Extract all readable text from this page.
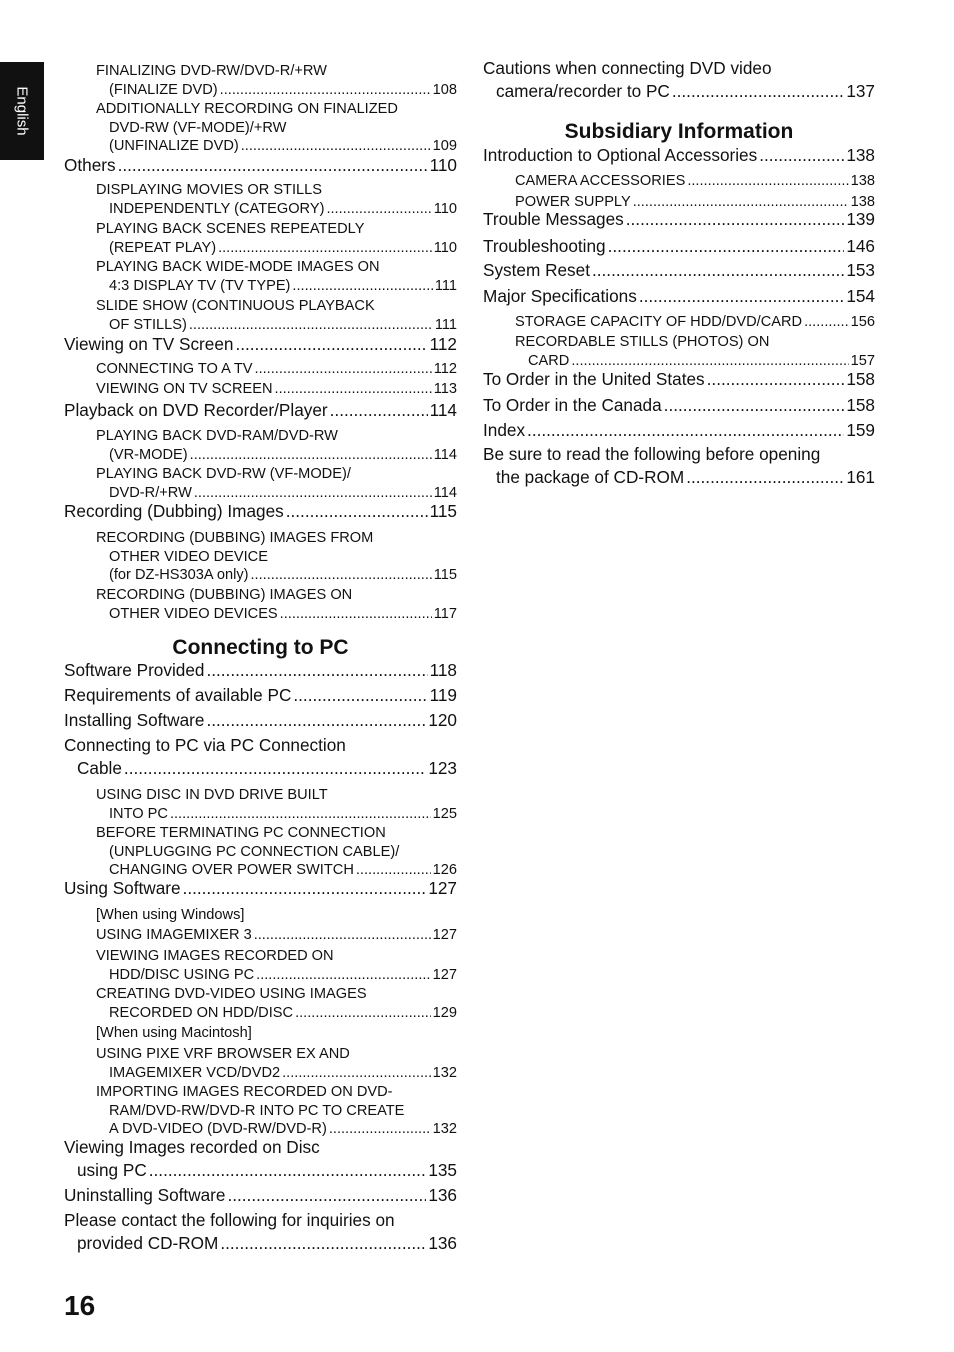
English
FINALIZING DVD-RW/DVD-R/+RW
(FINALIZE DVD) .....	108
ADDITIONALLY RECORDING ON FINALIZED
DVD-RW (VF-MODE)/+RW
(UNFINALIZE DVD) .....	109
Others .....	110
DISPLAYING MOVIES OR STILLS
INDEPENDENTLY (CATEGORY) .....	110
PLAYING BACK SCENES REPEATEDLY
(REPEAT PLAY) .....	110
PLAYING BACK WIDE-MODE IMAGES ON
4:3 DISPLAY TV (TV TYPE) .....	111
SLIDE SHOW (CONTINUOUS PLAYBACK
OF STILLS) .....	111
Viewing on TV Screen .....	112
CONNECTING TO A TV .....	112
VIEWING ON TV SCREEN .....	113
Playback on DVD Recorder/Player .....	114
PLAYING BACK DVD-RAM/DVD-RW
(VR-MODE) .....	114
PLAYING BACK DVD-RW (VF-MODE)/
DVD-R/+RW .....	114
Recording (Dubbing) Images .....	115
RECORDING (DUBBING) IMAGES FROM
OTHER VIDEO DEVICE
(for DZ-HS303A only) .....	115
RECORDING (DUBBING) IMAGES ON
OTHER VIDEO DEVICES .....	117
Connecting to PC
Software Provided .....	118
Requirements of available PC .....	119
Installing Software .....	120
Connecting to PC via PC Connection
Cable .....	123
USING DISC IN DVD DRIVE BUILT
INTO PC .....	125
BEFORE TERMINATING PC CONNECTION
(UNPLUGGING PC CONNECTION CABLE)/
CHANGING OVER POWER SWITCH .....	126
Using Software .....	127
[When using Windows]
USING IMAGEMIXER 3 .....	127
VIEWING IMAGES RECORDED ON
HDD/DISC USING PC .....	127
CREATING DVD-VIDEO USING IMAGES
RECORDED ON HDD/DISC .....	129
[When using Macintosh]
USING PIXE VRF BROWSER EX AND
IMAGEMIXER VCD/DVD2 .....	132
IMPORTING IMAGES RECORDED ON DVD-
RAM/DVD-RW/DVD-R INTO PC TO CREATE
A DVD-VIDEO (DVD-RW/DVD-R) .....	132
Viewing Images recorded on Disc
using PC .....	135
Uninstalling Software .....	136
Please contact the following for inquiries on
provided CD-ROM .....	136
Cautions when connecting DVD video
camera/recorder to PC .....	137
Subsidiary Information
Introduction to Optional Accessories .....	138
CAMERA ACCESSORIES .....	138
POWER SUPPLY .....	138
Trouble Messages .....	139
Troubleshooting .....	146
System Reset .....	153
Major Specifications .....	154
STORAGE CAPACITY OF HDD/DVD/CARD .....	156
RECORDABLE STILLS (PHOTOS) ON
CARD .....	157
To Order in the United States .....	158
To Order in the Canada .....	158
Index .....	159
Be sure to read the following before opening
the package of CD-ROM .....	161
16
